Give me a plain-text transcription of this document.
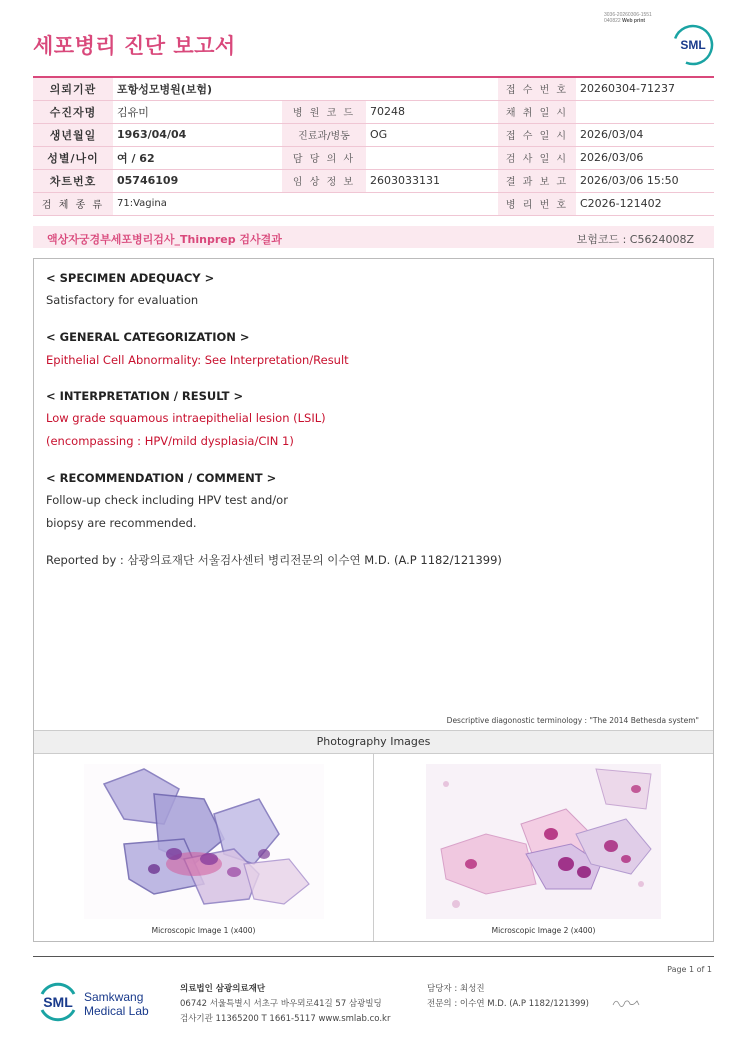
3036-20260306-1551
040822 Web print
세포병리 진단 보고서	SML
의뢰기관	포항성모병원(보험)			접 수 번 호	20260304-71237
수진자명	김유미	병 원 코 드	70248	채 취 일 시	
생년월일	1963/04/04	진료과/병동	OG	접 수 일 시	2026/03/04
성별/나이	여 / 62	담 당 의 사		검 사 일 시	2026/03/06
차트번호	05746109	임 상 정 보	2603033131	결 과 보 고	2026/03/06 15:50
검 체 종 류	71:Vagina			병 리 번 호	C2026-121402
액상자궁경부세포병리검사_Thinprep 검사결과	보험코드 : C5624008Z
< SPECIMEN ADEQUACY >
Satisfactory for evaluation
< GENERAL CATEGORIZATION >
Epithelial Cell Abnormality: See Interpretation/Result
< INTERPRETATION / RESULT >
Low grade squamous intraepithelial lesion (LSIL)
(encompassing : HPV/mild dysplasia/CIN 1)
< RECOMMENDATION / COMMENT >
Follow-up check including HPV test and/or
biopsy are recommended.
Reported by : 삼광의료재단 서울검사센터 병리전문의 이수연 M.D. (A.P 1182/121399)
Descriptive diagonostic terminology : "The 2014 Bethesda system"
Photography Images
Microscopic Image 1 (x400)	Microscopic Image 2 (x400)
Page 1 of 1
SML Samkwang
Medical Lab
의료법인 삼광의료재단
06742 서울특별시 서초구 바우뫼로41길 57 삼광빌딩
검사기관 11365200 T 1661-5117 www.smlab.co.kr
담당자 : 최성진
전문의 : 이수연 M.D. (A.P 1182/121399)
